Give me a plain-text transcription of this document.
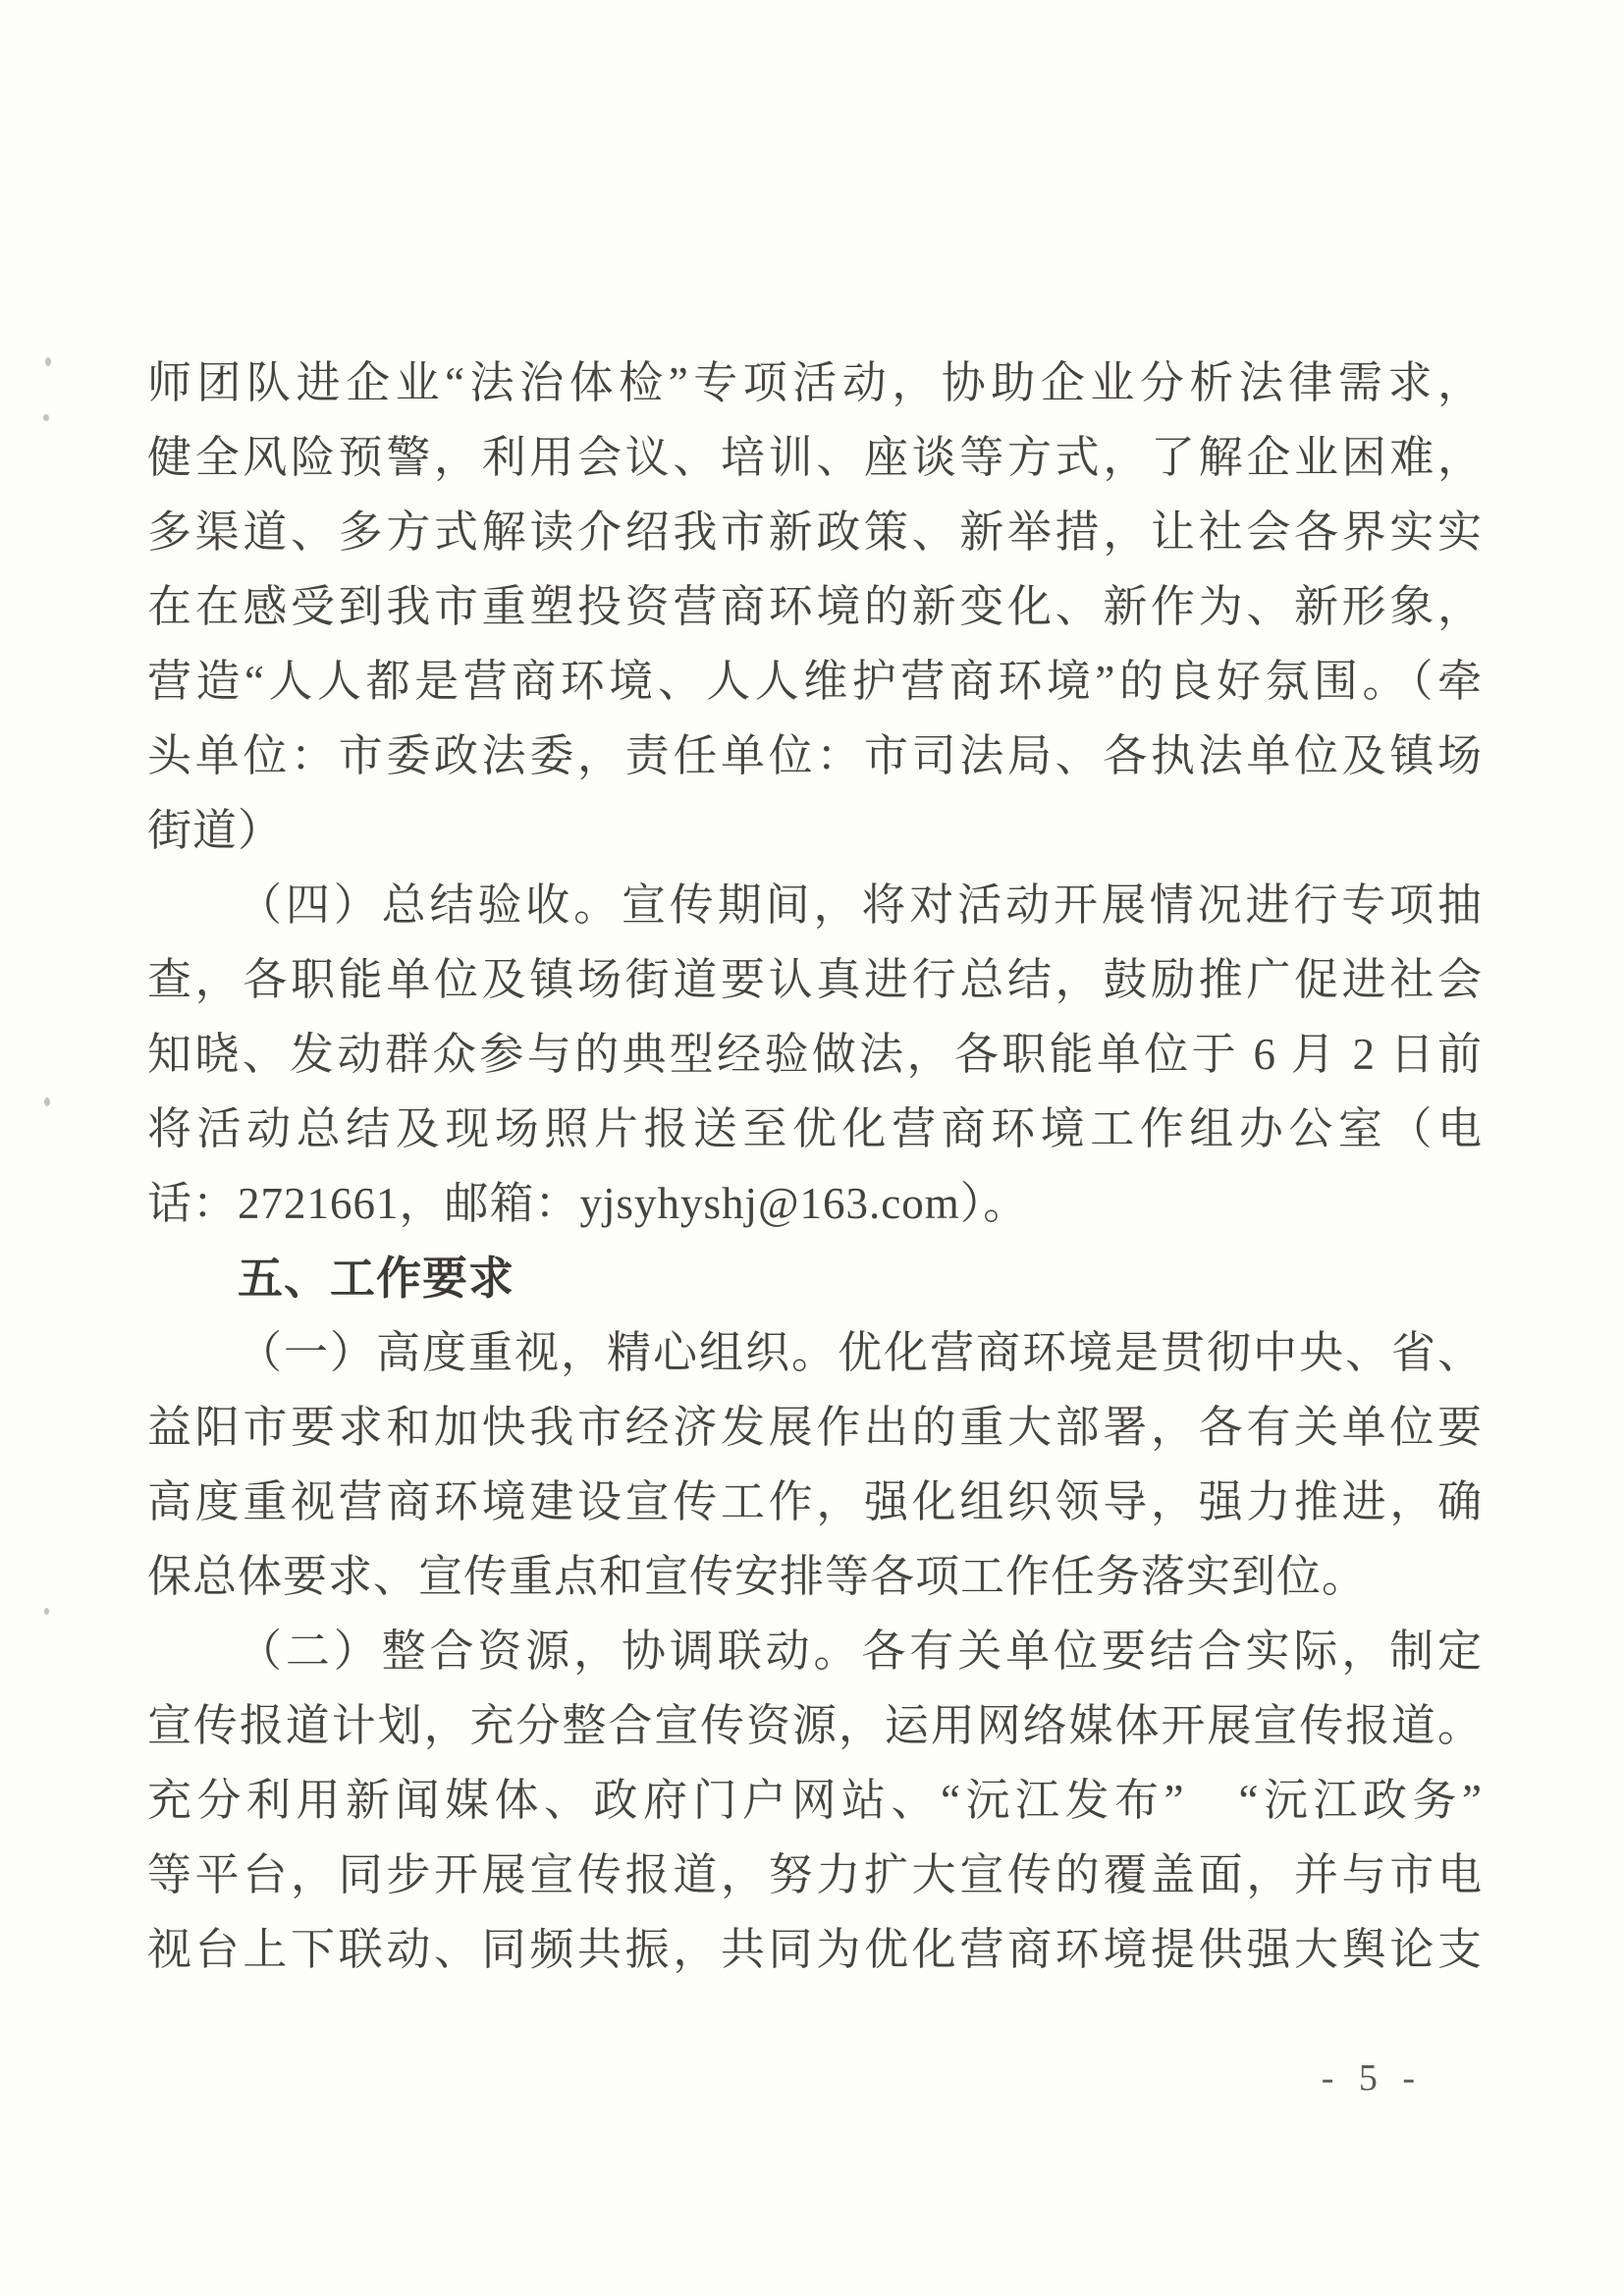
师团队进企业“法治体检”专项活动，协助企业分析法律需求，
健全风险预警，利用会议、培训、座谈等方式，了解企业困难，
多渠道、多方式解读介绍我市新政策、新举措，让社会各界实实
在在感受到我市重塑投资营商环境的新变化、新作为、新形象，
营造“人人都是营商环境、人人维护营商环境”的良好氛围。（牵
头单位：市委政法委，责任单位：市司法局、各执法单位及镇场
街道）
（四）总结验收。宣传期间，将对活动开展情况进行专项抽
查，各职能单位及镇场街道要认真进行总结，鼓励推广促进社会
知晓、发动群众参与的典型经验做法，各职能单位于 6 月 2 日前
将活动总结及现场照片报送至优化营商环境工作组办公室（电
话：2721661，邮箱：yjsyhyshj@163.com）。
五、工作要求
（一）高度重视，精心组织。优化营商环境是贯彻中央、省、
益阳市要求和加快我市经济发展作出的重大部署，各有关单位要
高度重视营商环境建设宣传工作，强化组织领导，强力推进，确
保总体要求、宣传重点和宣传安排等各项工作任务落实到位。
（二）整合资源，协调联动。各有关单位要结合实际，制定
宣传报道计划，充分整合宣传资源，运用网络媒体开展宣传报道。
充分利用新闻媒体、政府门户网站、“沅江发布”　“沅江政务”
等平台，同步开展宣传报道，努力扩大宣传的覆盖面，并与市电
视台上下联动、同频共振，共同为优化营商环境提供强大舆论支
- 5 -
